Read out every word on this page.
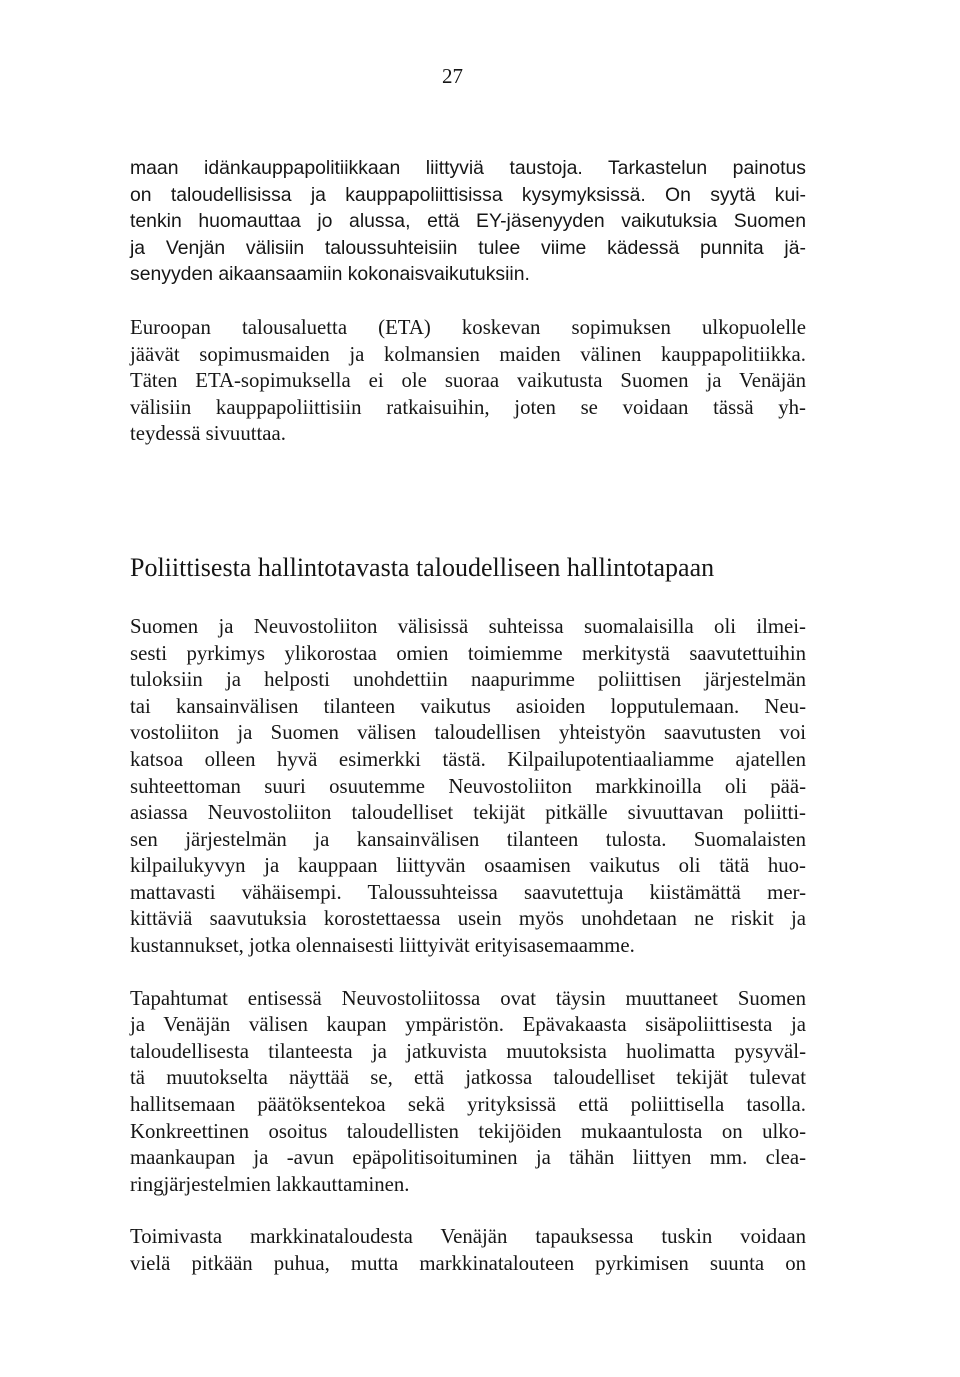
27

maan idänkauppapolitiikkaan liittyviä taustoja. Tarkastelun painotus
on taloudellisissa ja kauppapoliittisissa kysymyksissä. On syytä kui-
tenkin huomauttaa jo alussa, että EY-jäsenyyden vaikutuksia Suomen
ja Venjän välisiin taloussuhteisiin tulee viime kädessä punnita jä-
senyyden aikaansaamiin kokonaisvaikutuksiin.

Euroopan talousaluetta (ETA) koskevan sopimuksen ulkopuolelle
jäävät sopimusmaiden ja kolmansien maiden välinen kauppapolitiikka.
Täten ETA-sopimuksella ei ole suoraa vaikutusta Suomen ja Venäjän
välisiin kauppapoliittisiin ratkaisuihin, joten se voidaan tässä yh-
teydessä sivuuttaa.

Poliittisesta hallintotavasta taloudelliseen hallintotapaan

Suomen ja Neuvostoliiton välisissä suhteissa suomalaisilla oli ilmei-
sesti pyrkimys ylikorostaa omien toimiemme merkitystä saavutettuihin
tuloksiin ja helposti unohdettiin naapurimme poliittisen järjestelmän
tai kansainvälisen tilanteen vaikutus asioiden lopputulemaan. Neu-
vostoliiton ja Suomen välisen taloudellisen yhteistyön saavutusten voi
katsoa olleen hyvä esimerkki tästä. Kilpailupotentiaaliamme ajatellen
suhteettoman suuri osuutemme Neuvostoliiton markkinoilla oli pää-
asiassa Neuvostoliiton taloudelliset tekijät pitkälle sivuuttavan poliitti-
sen järjestelmän ja kansainvälisen tilanteen tulosta. Suomalaisten
kilpailukyvyn ja kauppaan liittyvän osaamisen vaikutus oli tätä huo-
mattavasti vähäisempi. Taloussuhteissa saavutettuja kiistämättä mer-
kittäviä saavutuksia korostettaessa usein myös unohdetaan ne riskit ja
kustannukset, jotka olennaisesti liittyivät erityisasemaamme.

Tapahtumat entisessä Neuvostoliitossa ovat täysin muuttaneet Suomen
ja Venäjän välisen kaupan ympäristön. Epävakaasta sisäpoliittisesta ja
taloudellisesta tilanteesta ja jatkuvista muutoksista huolimatta pysyväl-
tä muutokselta näyttää se, että jatkossa taloudelliset tekijät tulevat
hallitsemaan päätöksentekoa sekä yrityksissä että poliittisella tasolla.
Konkreettinen osoitus taloudellisten tekijöiden mukaantulosta on ulko-
maankaupan ja -avun epäpolitisoituminen ja tähän liittyen mm. clea-
ringjärjestelmien lakkauttaminen.

Toimivasta markkinataloudesta Venäjän tapauksessa tuskin voidaan
vielä pitkään puhua, mutta markkinatalouteen pyrkimisen suunta on
